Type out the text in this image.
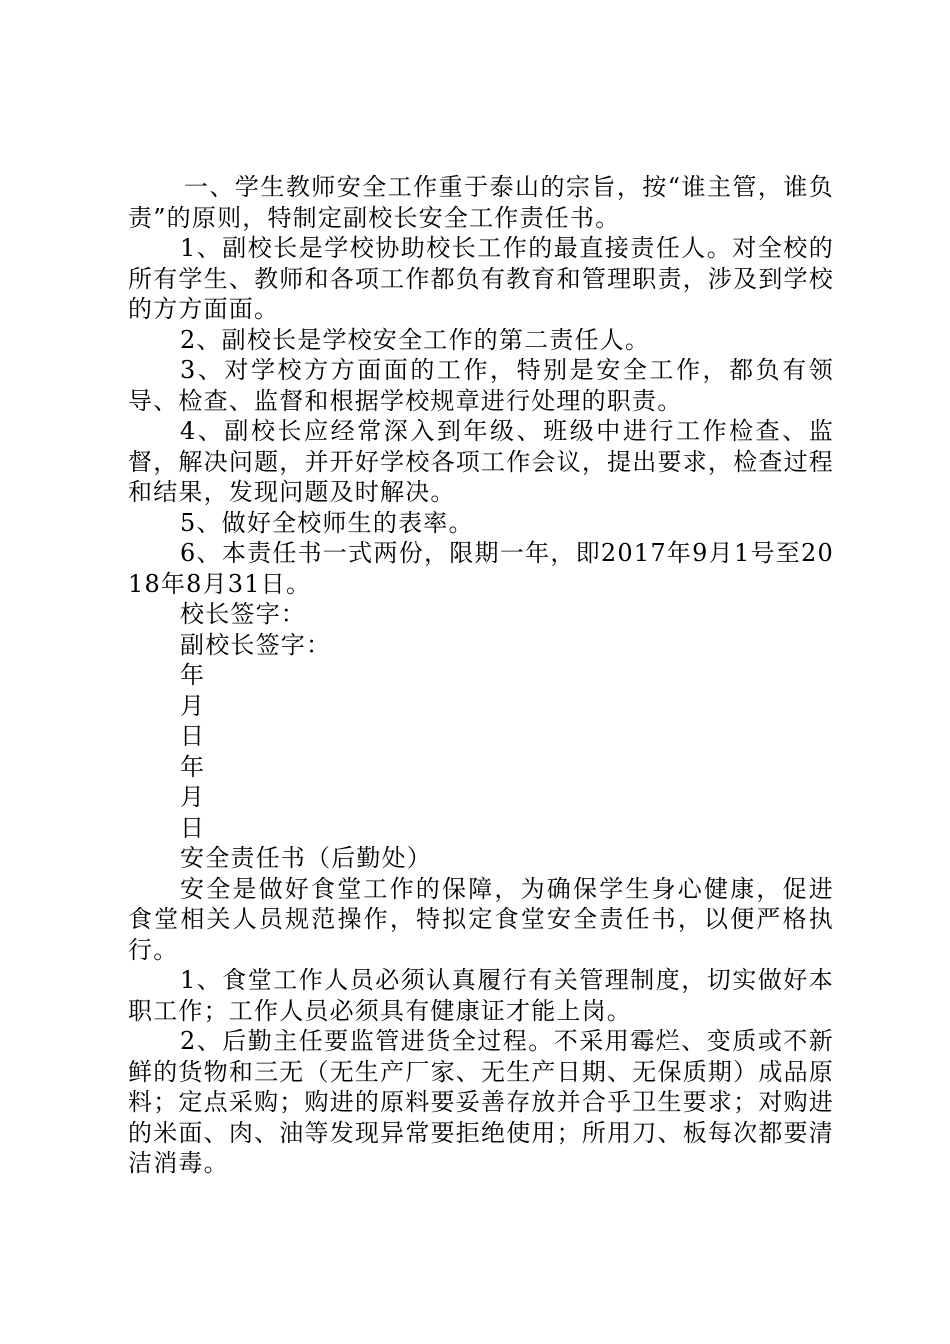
一、学生教师安全工作重于泰山的宗旨，按“谁主管，谁负责”的原则，特制定副校长安全工作责任书。

1、副校长是学校协助校长工作的最直接责任人。对全校的所有学生、教师和各项工作都负有教育和管理职责，涉及到学校的方方面面。

2、副校长是学校安全工作的第二责任人。

3、对学校方方面面的工作，特别是安全工作，都负有领导、检查、监督和根据学校规章进行处理的职责。

4、副校长应经常深入到年级、班级中进行工作检查、监督，解决问题，并开好学校各项工作会议，提出要求，检查过程和结果，发现问题及时解决。

5、做好全校师生的表率。

6、本责任书一式两份，限期一年，即2017年9月1号至2018年8月31日。

校长签字：

副校长签字：

年

月

日

年

月

日

安全责任书（后勤处）

安全是做好食堂工作的保障，为确保学生身心健康，促进食堂相关人员规范操作，特拟定食堂安全责任书，以便严格执行。

1、食堂工作人员必须认真履行有关管理制度，切实做好本职工作；工作人员必须具有健康证才能上岗。

2、后勤主任要监管进货全过程。不采用霉烂、变质或不新鲜的货物和三无（无生产厂家、无生产日期、无保质期）成品原料；定点采购；购进的原料要妥善存放并合乎卫生要求；对购进的米面、肉、油等发现异常要拒绝使用；所用刀、板每次都要清洁消毒。
